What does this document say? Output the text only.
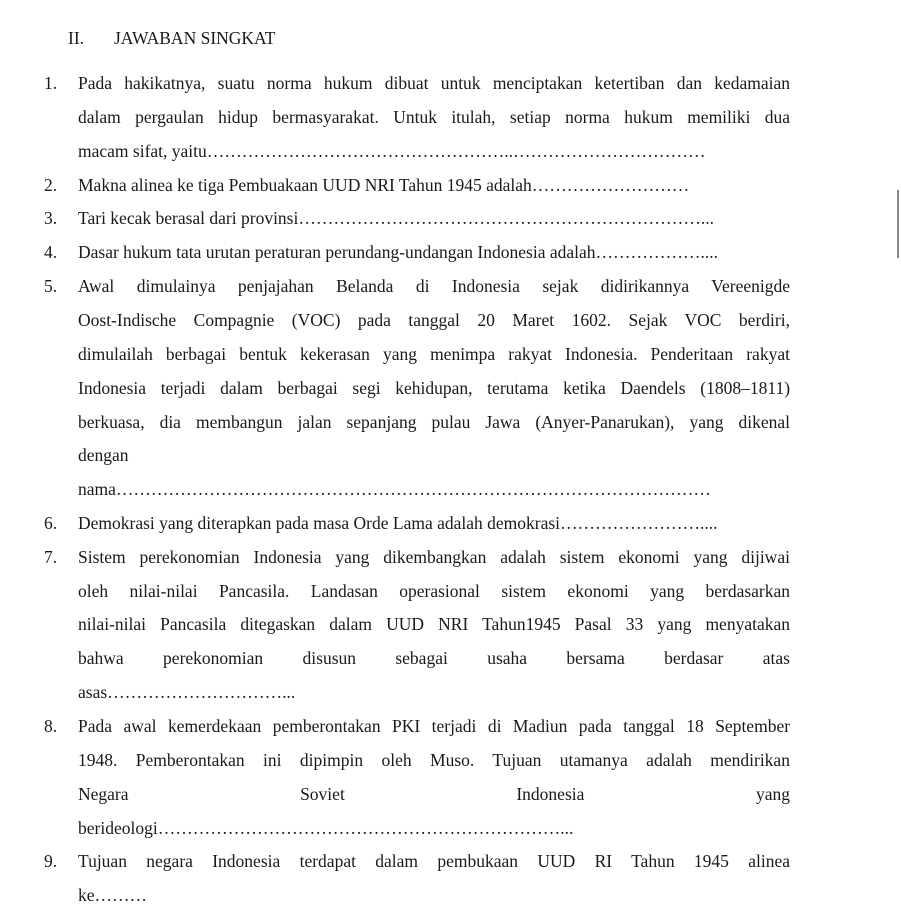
II. JAWABAN SINGKAT
1. Pada hakikatnya, suatu norma hukum dibuat untuk menciptakan ketertiban dan kedamaian
dalam pergaulan hidup bermasyarakat. Untuk itulah, setiap norma hukum memiliki dua
macam sifat, yaitu……………………………………………..……………………………
2. Makna alinea ke tiga Pembuakaan UUD NRI Tahun 1945 adalah………………………
3. Tari kecak berasal dari provinsi……………………………………………………………...
4. Dasar hukum tata urutan peraturan perundang-undangan Indonesia adalah………………....
5. Awal dimulainya penjajahan Belanda di Indonesia sejak didirikannya Vereenigde
Oost-Indische Compagnie (VOC) pada tanggal 20 Maret 1602. Sejak VOC berdiri,
dimulailah berbagai bentuk kekerasan yang menimpa rakyat Indonesia. Penderitaan rakyat
Indonesia terjadi dalam berbagai segi kehidupan, terutama ketika Daendels (1808–1811)
berkuasa, dia membangun jalan sepanjang pulau Jawa (Anyer-Panarukan), yang dikenal
dengan
nama…………………………………………………………………………………………
6. Demokrasi yang diterapkan pada masa Orde Lama adalah demokrasi……………………....
7. Sistem perekonomian Indonesia yang dikembangkan adalah sistem ekonomi yang dijiwai
oleh nilai-nilai Pancasila. Landasan operasional sistem ekonomi yang berdasarkan
nilai-nilai Pancasila ditegaskan dalam UUD NRI Tahun1945 Pasal 33 yang menyatakan
bahwa perekonomian disusun sebagai usaha bersama berdasar atas
asas…………………………...
8. Pada awal kemerdekaan pemberontakan PKI terjadi di Madiun pada tanggal 18 September
1948. Pemberontakan ini dipimpin oleh Muso. Tujuan utamanya adalah mendirikan
Negara	Soviet	Indonesia	yang
berideologi……………………………………………………………...
9. Tujuan negara Indonesia terdapat dalam pembukaan UUD RI Tahun 1945 alinea
ke………
